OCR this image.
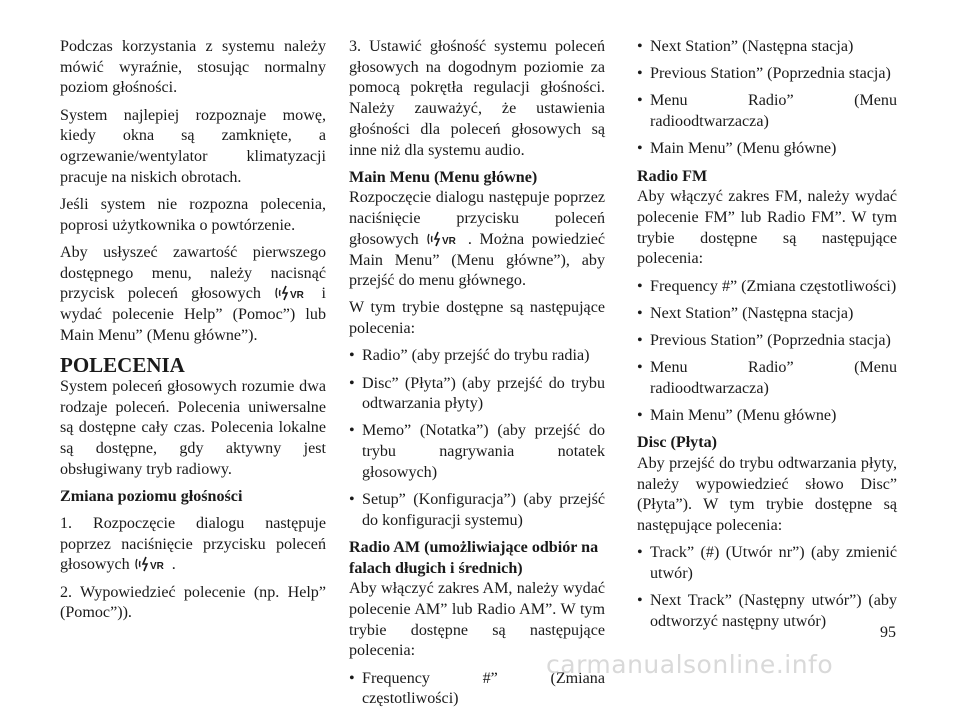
Podczas korzystania z systemu należy mówić wyraźnie, stosując normalny poziom głośności.

System najlepiej rozpoznaje mowę, kiedy okna są zamknięte, a ogrzewanie/wentylator klimatyzacji pracuje na niskich obrotach.

Jeśli system nie rozpozna polecenia, poprosi użytkownika o powtórzenie.

Aby usłyszeć zawartość pierwszego dostępnego menu, należy nacisnąć przycisk poleceń głosowych	i wydać polecenie Help” (Pomoc”) lub Main Menu” (Menu główne”).

POLECENIA

System poleceń głosowych rozumie dwa rodzaje poleceń. Polecenia uniwersalne są dostępne cały czas. Polecenia lokalne są dostępne, gdy aktywny jest obsługiwany tryb radiowy.

Zmiana poziomu głośności

1. Rozpoczęcie dialogu następuje poprzez naciśnięcie przycisku poleceń głosowych	.

2. Wypowiedzieć polecenie (np. Help” (Pomoc”)).

3. Ustawić głośność systemu poleceń głosowych na dogodnym poziomie za pomocą pokrętła regulacji głośności. Należy zauważyć, że ustawienia głośności dla poleceń głosowych są inne niż dla systemu audio.

Main Menu (Menu główne)

Rozpoczęcie dialogu następuje poprzez naciśnięcie przycisku poleceń głosowych	. Można powiedzieć Main Menu” (Menu główne”), aby przejść do menu głównego.

W tym trybie dostępne są następujące polecenia:

• Radio” (aby przejść do trybu radia)
• Disc” (Płyta”) (aby przejść do trybu odtwarzania płyty)
• Memo” (Notatka”) (aby przejść do trybu nagrywania notatek głosowych)
• Setup” (Konfiguracja”) (aby przejść do konfiguracji systemu)

Radio AM (umożliwiające odbiór na falach długich i średnich)

Aby włączyć zakres AM, należy wydać polecenie AM” lub Radio AM”. W tym trybie dostępne są następujące polecenia:

• Frequency #” (Zmiana częstotliwości)
• Next Station” (Następna stacja)
• Previous Station” (Poprzednia stacja)
• Menu Radio” (Menu radioodtwarzacza)
• Main Menu” (Menu główne)

Radio FM

Aby włączyć zakres FM, należy wydać polecenie FM” lub Radio FM”. W tym trybie dostępne są następujące polecenia:

• Frequency #” (Zmiana częstotliwości)
• Next Station” (Następna stacja)
• Previous Station” (Poprzednia stacja)
• Menu Radio” (Menu radioodtwarzacza)
• Main Menu” (Menu główne)

Disc (Płyta)

Aby przejść do trybu odtwarzania płyty, należy wypowiedzieć słowo Disc” (Płyta”). W tym trybie dostępne są następujące polecenia:

• Track” (#) (Utwór nr”) (aby zmienić utwór)
• Next Track” (Następny utwór”) (aby odtworzyć następny utwór)
95
carmanualsonline.info
